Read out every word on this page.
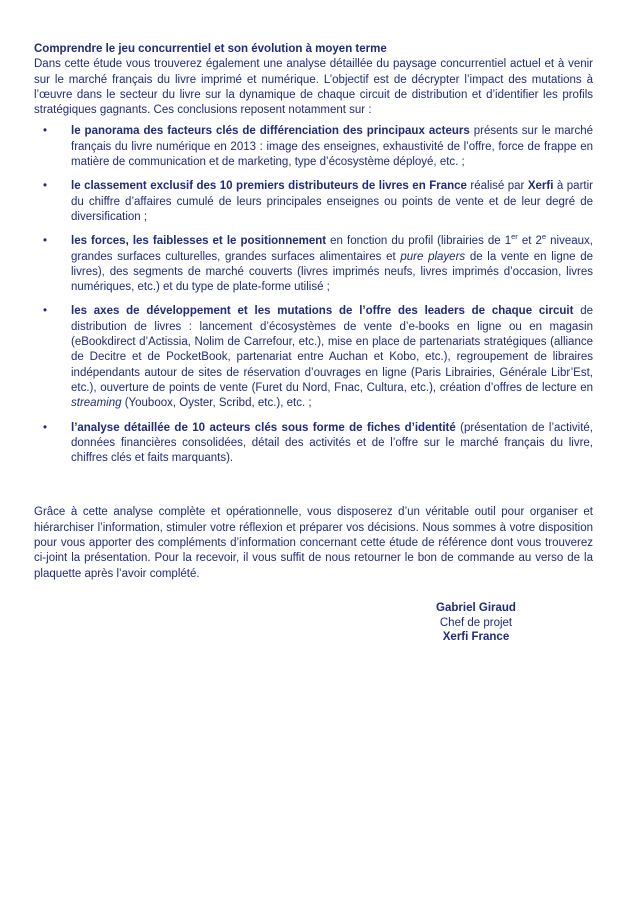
Comprendre le jeu concurrentiel et son évolution à moyen terme

Dans cette étude vous trouverez également une analyse détaillée du paysage concurrentiel actuel et à venir sur le marché français du livre imprimé et numérique. L’objectif est de décrypter l’impact des mutations à l’œuvre dans le secteur du livre sur la dynamique de chaque circuit de distribution et d’identifier les profils stratégiques gagnants. Ces conclusions reposent notamment sur :

• le panorama des facteurs clés de différenciation des principaux acteurs présents sur le marché français du livre numérique en 2013 : image des enseignes, exhaustivité de l’offre, force de frappe en matière de communication et de marketing, type d’écosystème déployé, etc. ;
• le classement exclusif des 10 premiers distributeurs de livres en France réalisé par Xerfi à partir du chiffre d’affaires cumulé de leurs principales enseignes ou points de vente et de leur degré de diversification ;
• les forces, les faiblesses et le positionnement en fonction du profil (librairies de 1er et 2e niveaux, grandes surfaces culturelles, grandes surfaces alimentaires et pure players de la vente en ligne de livres), des segments de marché couverts (livres imprimés neufs, livres imprimés d’occasion, livres numériques, etc.) et du type de plate-forme utilisé ;
• les axes de développement et les mutations de l’offre des leaders de chaque circuit de distribution de livres : lancement d’écosystèmes de vente d’e-books en ligne ou en magasin (eBookdirect d’Actissia, Nolim de Carrefour, etc.), mise en place de partenariats stratégiques (alliance de Decitre et de PocketBook, partenariat entre Auchan et Kobo, etc.), regroupement de libraires indépendants autour de sites de réservation d’ouvrages en ligne (Paris Librairies, Générale Libr’Est, etc.), ouverture de points de vente (Furet du Nord, Fnac, Cultura, etc.), création d’offres de lecture en streaming (Youboox, Oyster, Scribd, etc.), etc. ;
• l’analyse détaillée de 10 acteurs clés sous forme de fiches d’identité (présentation de l’activité, données financières consolidées, détail des activités et de l’offre sur le marché français du livre, chiffres clés et faits marquants).

Grâce à cette analyse complète et opérationnelle, vous disposerez d’un véritable outil pour organiser et hiérarchiser l’information, stimuler votre réflexion et préparer vos décisions. Nous sommes à votre disposition pour vous apporter des compléments d’information concernant cette étude de référence dont vous trouverez ci-joint la présentation. Pour la recevoir, il vous suffit de nous retourner le bon de commande au verso de la plaquette après l’avoir complété.

Gabriel Giraud
Chef de projet
Xerfi France
